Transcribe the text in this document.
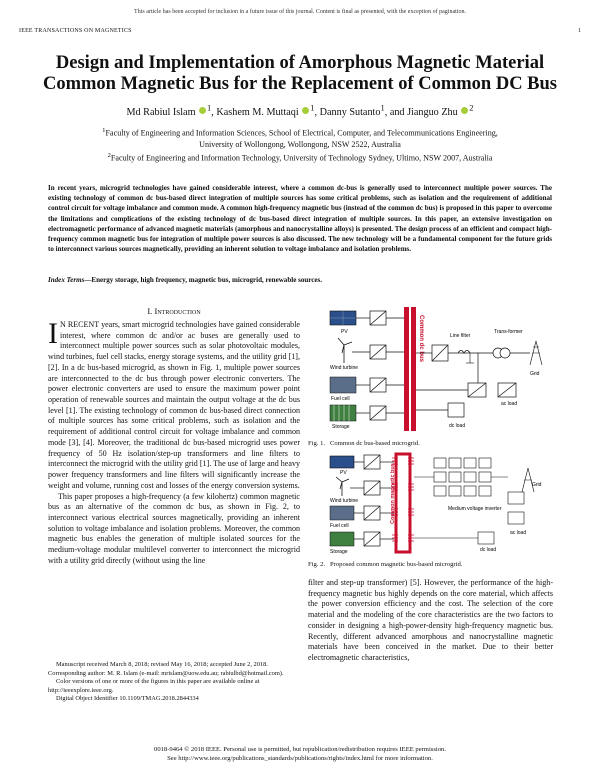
This article has been accepted for inclusion in a future issue of this journal. Content is final as presented, with the exception of pagination.
IEEE TRANSACTIONS ON MAGNETICS	1
Design and Implementation of Amorphous Magnetic Material
Common Magnetic Bus for the Replacement of Common DC Bus
Md Rabiul Islam $^1$, Kashem M. Muttaqi $^1$, Danny Sutanto$^1$, and Jianguo Zhu $^2$
$^1$Faculty of Engineering and Information Sciences, School of Electrical, Computer, and Telecommunications Engineering,
University of Wollongong, Wollongong, NSW 2522, Australia
$^2$Faculty of Engineering and Information Technology, University of Technology Sydney, Ultimo, NSW 2007, Australia
In recent years, microgrid technologies have gained considerable interest, where a common dc-bus is generally used to interconnect multiple power sources. The existing technology of common dc bus-based direct integration of multiple sources has some critical problems, such as isolation and the requirement of additional control circuit for voltage imbalance and common mode. A common high-frequency magnetic bus (instead of the common dc bus) is proposed in this paper to overcome the limitations and complications of the existing technology of dc bus-based direct integration of multiple sources. In this paper, an extensive investigation on electromagnetic performance of advanced magnetic materials (amorphous and nanocrystalline alloys) is presented. The design process of an efficient and compact high-frequency common magnetic bus for integration of multiple power sources is also discussed. The new technology will be a fundamental component for the future grids to interconnect various sources magnetically, providing an inherent solution to voltage imbalance and isolation problems.
Index Terms—Energy storage, high frequency, magnetic bus, microgrid, renewable sources.
I. Introduction

I N RECENT years, smart microgrid technologies have gained considerable interest, where common dc and/or ac buses are generally used to interconnect multiple power sources such as solar photovoltaic modules, wind turbines, fuel cell stacks, energy storage systems, and the utility grid [1], [2]. In a dc bus-based microgrid, as shown in Fig. 1, multiple power sources are interconnected to the dc bus through power electronic converters. The power electronic converters are used to ensure the maximum power point operation of renewable sources and maintain the output voltage at the dc bus level [1]. The existing technology of common dc bus-based direct connection of multiple sources has some critical problems, such as isolation and the requirement of additional control circuit for voltage imbalance and common mode [3], [4]. Moreover, the traditional dc bus-based microgrid uses power frequency of 50 Hz isolation/step-up transformers and line filters to interconnect the microgrid with the utility grid [1]. The use of large and heavy power frequency transformers and line filters will significantly increase the weight and volume, running cost and losses of the energy conversion systems.

This paper proposes a high-frequency (a few kilohertz) common magnetic bus as an alternative of the common dc bus, as shown in Fig. 2, to interconnect various electrical sources magnetically, providing an inherent solution to voltage imbalance and isolation problems. Moreover, the common magnetic bus enables the generation of multiple isolated sources for the medium-voltage modular multilevel converter to interconnect the microgrid with a utility grid directly (without using the line

Manuscript received March 8, 2018; revised May 16, 2018; accepted June 2, 2018. Corresponding author: M. R. Islam (e-mail: mrislam@uow.edu.au; rabiulbd@hotmail.com).

Color versions of one or more of the figures in this paper are available online at http://ieeexplore.ieee.org.

Digital Object Identifier 10.1109/TMAG.2018.2844334

PV
Wind turbine
Fuel cell
Storage
Common dc bus	Line filter
Trans-former
Grid
dc load
ac load
Fig. 1. Common dc bus-based microgrid.
PV
Wind turbine
Fuel cell
Storage
Common magnetic bus	Medium voltage inverter
Grid
ac load
dc load
Fig. 2. Proposed common magnetic bus-based microgrid.

filter and step-up transformer) [5]. However, the performance of the high-frequency magnetic bus highly depends on the core material, which affects the power conversion efficiency and the cost. The selection of the core material and the modeling of the core characteristics are the two factors to consider in designing a high-power-density high-frequency magnetic bus. Recently, different advanced amorphous and nanocrystalline magnetic materials have been conceived in the market. Due to their better electromagnetic characteristics,

0018-9464 © 2018 IEEE. Personal use is permitted, but republication/redistribution requires IEEE permission.
See http://www.ieee.org/publications_standards/publications/rights/index.html for more information.
